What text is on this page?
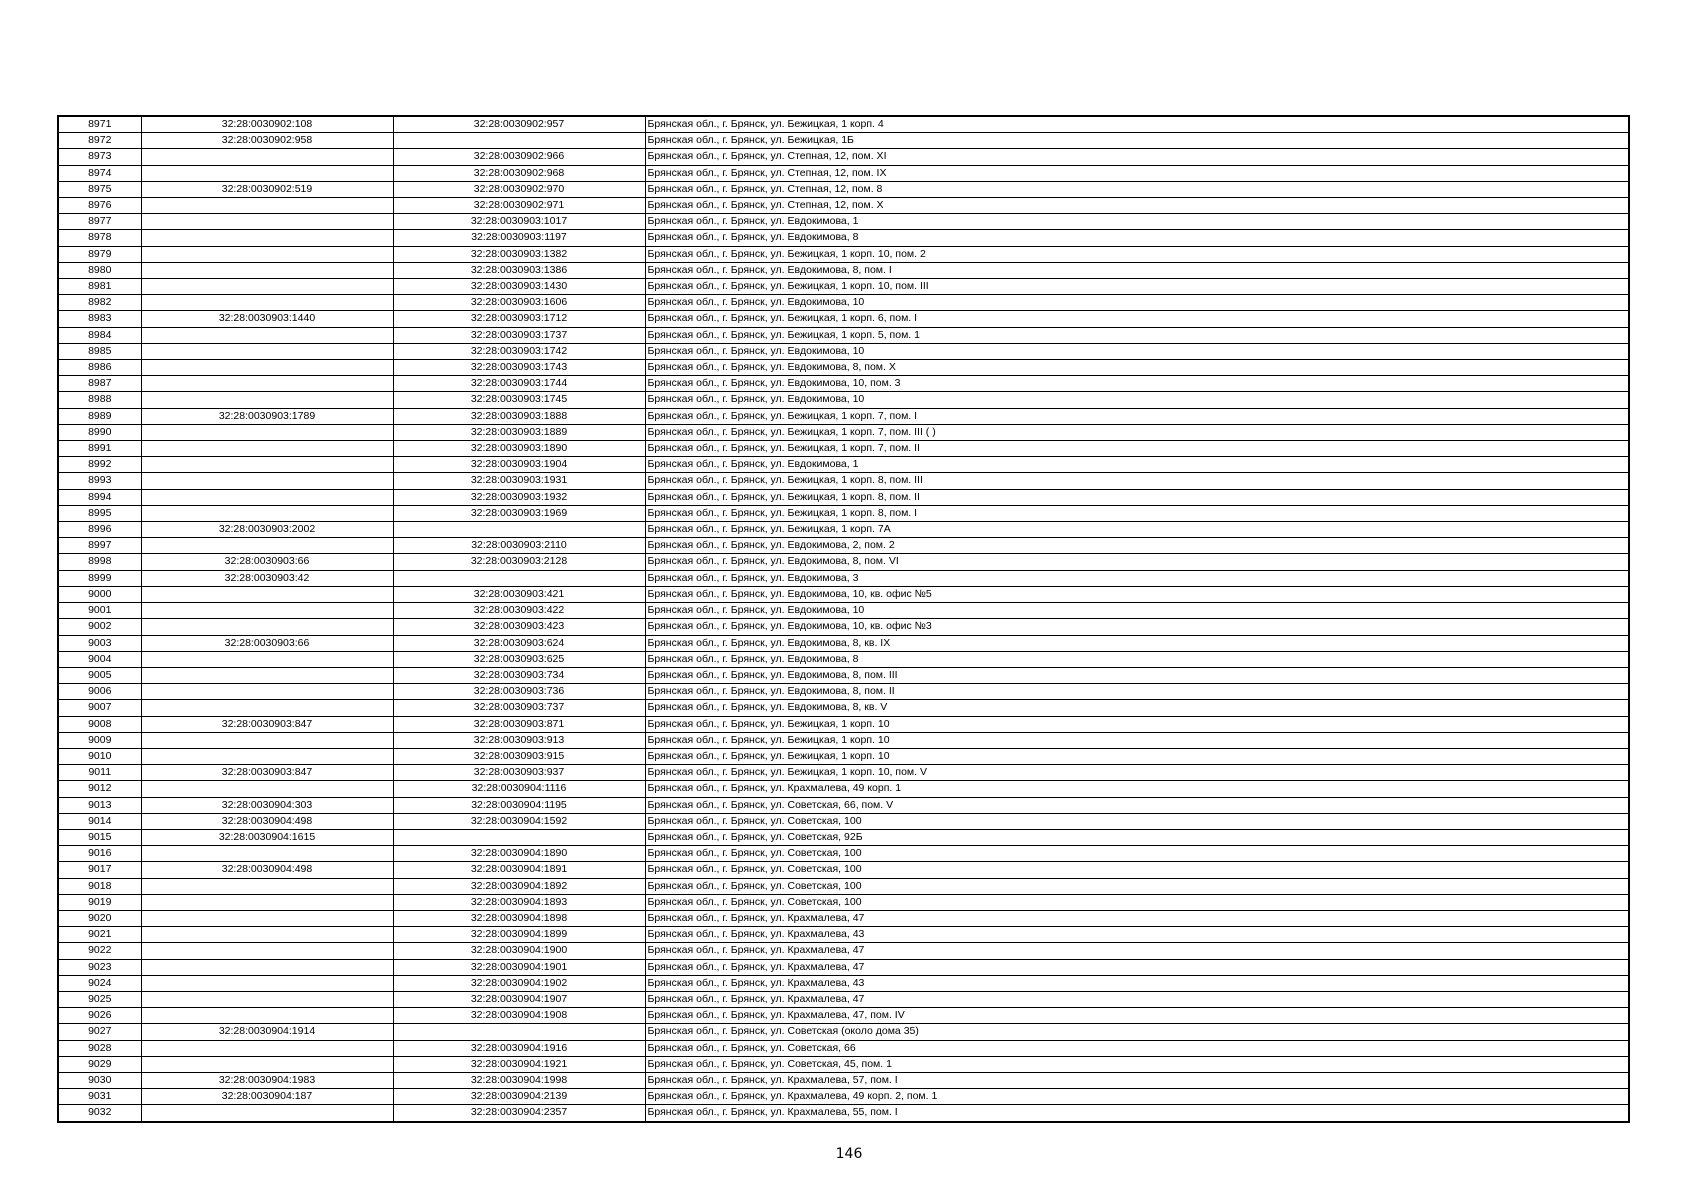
8971	32:28:0030902:108	32:28:0030902:957	Брянская обл., г. Брянск, ул. Бежицкая, 1 корп. 4
8972	32:28:0030902:958		Брянская обл., г. Брянск, ул. Бежицкая, 1Б
8973		32:28:0030902:966	Брянская обл., г. Брянск, ул. Степная, 12, пом. XI
8974		32:28:0030902:968	Брянская обл., г. Брянск, ул. Степная, 12, пом. IX
8975	32:28:0030902:519	32:28:0030902:970	Брянская обл., г. Брянск, ул. Степная, 12, пом. 8
8976		32:28:0030902:971	Брянская обл., г. Брянск, ул. Степная, 12, пом. X
8977		32:28:0030903:1017	Брянская обл., г. Брянск, ул. Евдокимова, 1
8978		32:28:0030903:1197	Брянская обл., г. Брянск, ул. Евдокимова, 8
8979		32:28:0030903:1382	Брянская обл., г. Брянск, ул. Бежицкая, 1 корп. 10, пом. 2
8980		32:28:0030903:1386	Брянская обл., г. Брянск, ул. Евдокимова, 8, пом. I
8981		32:28:0030903:1430	Брянская обл., г. Брянск, ул. Бежицкая, 1 корп. 10, пом. III
8982		32:28:0030903:1606	Брянская обл., г. Брянск, ул. Евдокимова, 10
8983	32:28:0030903:1440	32:28:0030903:1712	Брянская обл., г. Брянск, ул. Бежицкая, 1 корп. 6, пом. I
8984		32:28:0030903:1737	Брянская обл., г. Брянск, ул. Бежицкая, 1 корп. 5, пом. 1
8985		32:28:0030903:1742	Брянская обл., г. Брянск, ул. Евдокимова, 10
8986		32:28:0030903:1743	Брянская обл., г. Брянск, ул. Евдокимова, 8, пом. X
8987		32:28:0030903:1744	Брянская обл., г. Брянск, ул. Евдокимова, 10, пом. 3
8988		32:28:0030903:1745	Брянская обл., г. Брянск, ул. Евдокимова, 10
8989	32:28:0030903:1789	32:28:0030903:1888	Брянская обл., г. Брянск, ул. Бежицкая, 1 корп. 7, пом. I
8990		32:28:0030903:1889	Брянская обл., г. Брянск, ул. Бежицкая, 1 корп. 7, пом. III ( )
8991		32:28:0030903:1890	Брянская обл., г. Брянск, ул. Бежицкая, 1 корп. 7, пом. II
8992		32:28:0030903:1904	Брянская обл., г. Брянск, ул. Евдокимова, 1
8993		32:28:0030903:1931	Брянская обл., г. Брянск, ул. Бежицкая, 1 корп. 8, пом. III
8994		32:28:0030903:1932	Брянская обл., г. Брянск, ул. Бежицкая, 1 корп. 8, пом. II
8995		32:28:0030903:1969	Брянская обл., г. Брянск, ул. Бежицкая, 1 корп. 8, пом. I
8996	32:28:0030903:2002		Брянская обл., г. Брянск, ул. Бежицкая, 1 корп. 7А
8997		32:28:0030903:2110	Брянская обл., г. Брянск, ул. Евдокимова, 2, пом. 2
8998	32:28:0030903:66	32:28:0030903:2128	Брянская обл., г. Брянск, ул. Евдокимова, 8, пом. VI
8999	32:28:0030903:42		Брянская обл., г. Брянск, ул. Евдокимова, 3
9000		32:28:0030903:421	Брянская обл., г. Брянск, ул. Евдокимова, 10, кв. офис №5
9001		32:28:0030903:422	Брянская обл., г. Брянск, ул. Евдокимова, 10
9002		32:28:0030903:423	Брянская обл., г. Брянск, ул. Евдокимова, 10, кв. офис №3
9003	32:28:0030903:66	32:28:0030903:624	Брянская обл., г. Брянск, ул. Евдокимова, 8, кв. IX
9004		32:28:0030903:625	Брянская обл., г. Брянск, ул. Евдокимова, 8
9005		32:28:0030903:734	Брянская обл., г. Брянск, ул. Евдокимова, 8, пом. III
9006		32:28:0030903:736	Брянская обл., г. Брянск, ул. Евдокимова, 8, пом. II
9007		32:28:0030903:737	Брянская обл., г. Брянск, ул. Евдокимова, 8, кв. V
9008	32:28:0030903:847	32:28:0030903:871	Брянская обл., г. Брянск, ул. Бежицкая, 1 корп. 10
9009		32:28:0030903:913	Брянская обл., г. Брянск, ул. Бежицкая, 1 корп. 10
9010		32:28:0030903:915	Брянская обл., г. Брянск, ул. Бежицкая, 1 корп. 10
9011	32:28:0030903:847	32:28:0030903:937	Брянская обл., г. Брянск, ул. Бежицкая, 1 корп. 10, пом. V
9012		32:28:0030904:1116	Брянская обл., г. Брянск, ул. Крахмалева, 49 корп. 1
9013	32:28:0030904:303	32:28:0030904:1195	Брянская обл., г. Брянск, ул. Советская, 66, пом. V
9014	32:28:0030904:498	32:28:0030904:1592	Брянская обл., г. Брянск, ул. Советская, 100
9015	32:28:0030904:1615		Брянская обл., г. Брянск, ул. Советская, 92Б
9016		32:28:0030904:1890	Брянская обл., г. Брянск, ул. Советская, 100
9017	32:28:0030904:498	32:28:0030904:1891	Брянская обл., г. Брянск, ул. Советская, 100
9018		32:28:0030904:1892	Брянская обл., г. Брянск, ул. Советская, 100
9019		32:28:0030904:1893	Брянская обл., г. Брянск, ул. Советская, 100
9020		32:28:0030904:1898	Брянская обл., г. Брянск, ул. Крахмалева, 47
9021		32:28:0030904:1899	Брянская обл., г. Брянск, ул. Крахмалева, 43
9022		32:28:0030904:1900	Брянская обл., г. Брянск, ул. Крахмалева, 47
9023		32:28:0030904:1901	Брянская обл., г. Брянск, ул. Крахмалева, 47
9024		32:28:0030904:1902	Брянская обл., г. Брянск, ул. Крахмалева, 43
9025		32:28:0030904:1907	Брянская обл., г. Брянск, ул. Крахмалева, 47
9026		32:28:0030904:1908	Брянская обл., г. Брянск, ул. Крахмалева, 47, пом. IV
9027	32:28:0030904:1914		Брянская обл., г. Брянск, ул. Советская (около дома 35)
9028		32:28:0030904:1916	Брянская обл., г. Брянск, ул. Советская, 66
9029		32:28:0030904:1921	Брянская обл., г. Брянск, ул. Советская, 45, пом. 1
9030	32:28:0030904:1983	32:28:0030904:1998	Брянская обл., г. Брянск, ул. Крахмалева, 57, пом. I
9031	32:28:0030904:187	32:28:0030904:2139	Брянская обл., г. Брянск, ул. Крахмалева, 49 корп. 2, пом. 1
9032		32:28:0030904:2357	Брянская обл., г. Брянск, ул. Крахмалева, 55, пом. I
146
